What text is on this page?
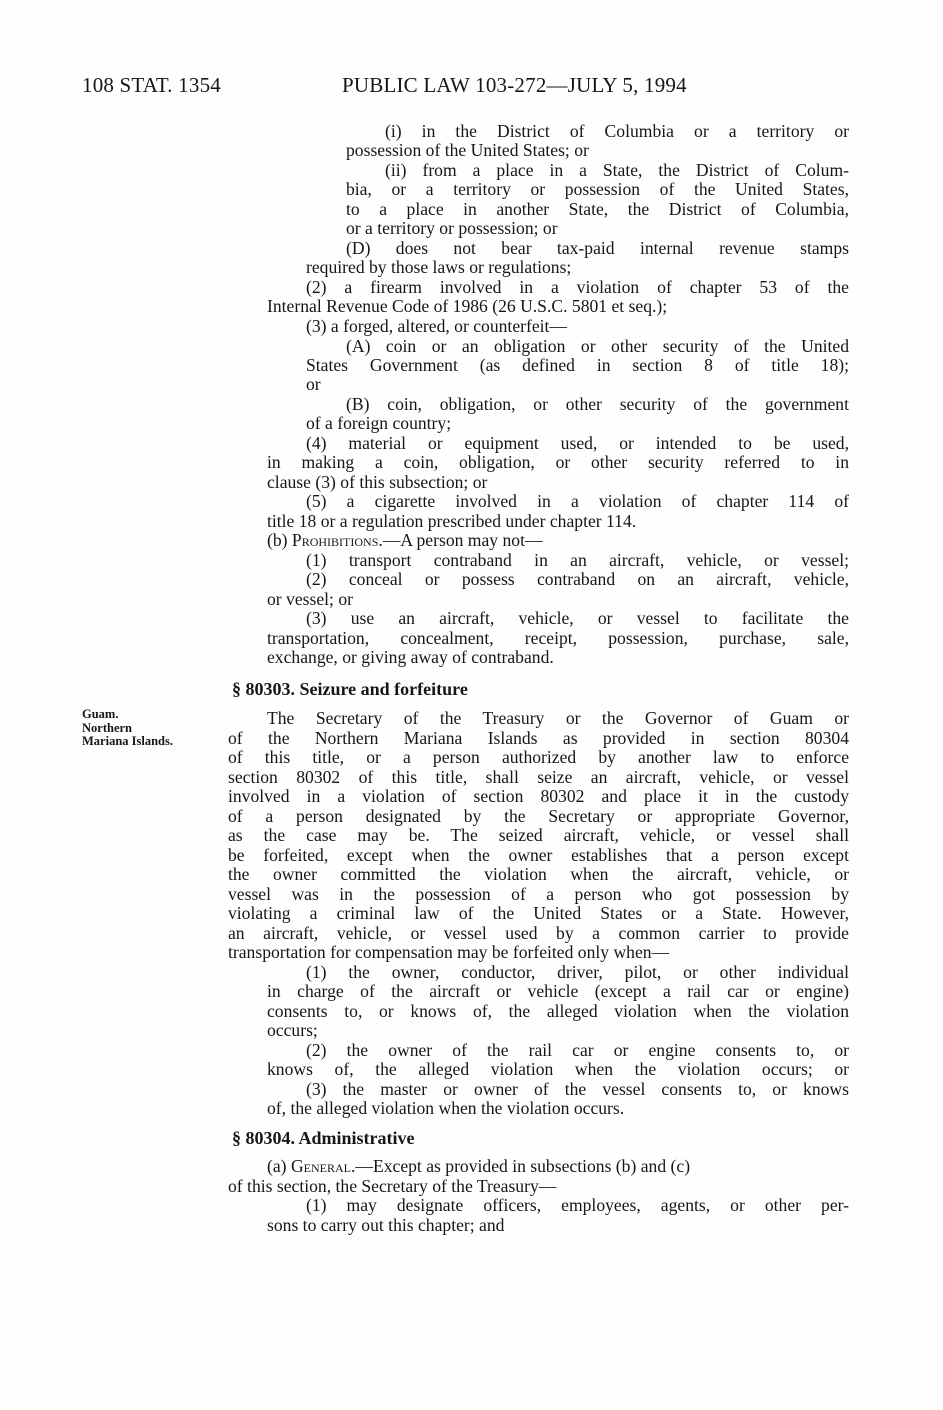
108 STAT. 1354	PUBLIC LAW 103-272—JULY 5, 1994
Guam.
Northern
Mariana Islands.
(i) in the District of Columbia or a territory or
possession of the United States; or
(ii) from a place in a State, the District of Colum-
bia, or a territory or possession of the United States,
to a place in another State, the District of Columbia,
or a territory or possession; or
(D) does not bear tax-paid internal revenue stamps
required by those laws or regulations;
(2) a firearm involved in a violation of chapter 53 of the
Internal Revenue Code of 1986 (26 U.S.C. 5801 et seq.);
(3) a forged, altered, or counterfeit—
(A) coin or an obligation or other security of the United
States Government (as defined in section 8 of title 18);
or
(B) coin, obligation, or other security of the government
of a foreign country;
(4) material or equipment used, or intended to be used,
in making a coin, obligation, or other security referred to in
clause (3) of this subsection; or
(5) a cigarette involved in a violation of chapter 114 of
title 18 or a regulation prescribed under chapter 114.
(b) Prohibitions.—A person may not—
(1) transport contraband in an aircraft, vehicle, or vessel;
(2) conceal or possess contraband on an aircraft, vehicle,
or vessel; or
(3) use an aircraft, vehicle, or vessel to facilitate the
transportation, concealment, receipt, possession, purchase, sale,
exchange, or giving away of contraband.
§ 80303. Seizure and forfeiture
The Secretary of the Treasury or the Governor of Guam or
of the Northern Mariana Islands as provided in section 80304
of this title, or a person authorized by another law to enforce
section 80302 of this title, shall seize an aircraft, vehicle, or vessel
involved in a violation of section 80302 and place it in the custody
of a person designated by the Secretary or appropriate Governor,
as the case may be. The seized aircraft, vehicle, or vessel shall
be forfeited, except when the owner establishes that a person except
the owner committed the violation when the aircraft, vehicle, or
vessel was in the possession of a person who got possession by
violating a criminal law of the United States or a State. However,
an aircraft, vehicle, or vessel used by a common carrier to provide
transportation for compensation may be forfeited only when—
(1) the owner, conductor, driver, pilot, or other individual
in charge of the aircraft or vehicle (except a rail car or engine)
consents to, or knows of, the alleged violation when the violation
occurs;
(2) the owner of the rail car or engine consents to, or
knows of, the alleged violation when the violation occurs; or
(3) the master or owner of the vessel consents to, or knows
of, the alleged violation when the violation occurs.
§ 80304. Administrative
(a) General.—Except as provided in subsections (b) and (c)
of this section, the Secretary of the Treasury—
(1) may designate officers, employees, agents, or other per-
sons to carry out this chapter; and
